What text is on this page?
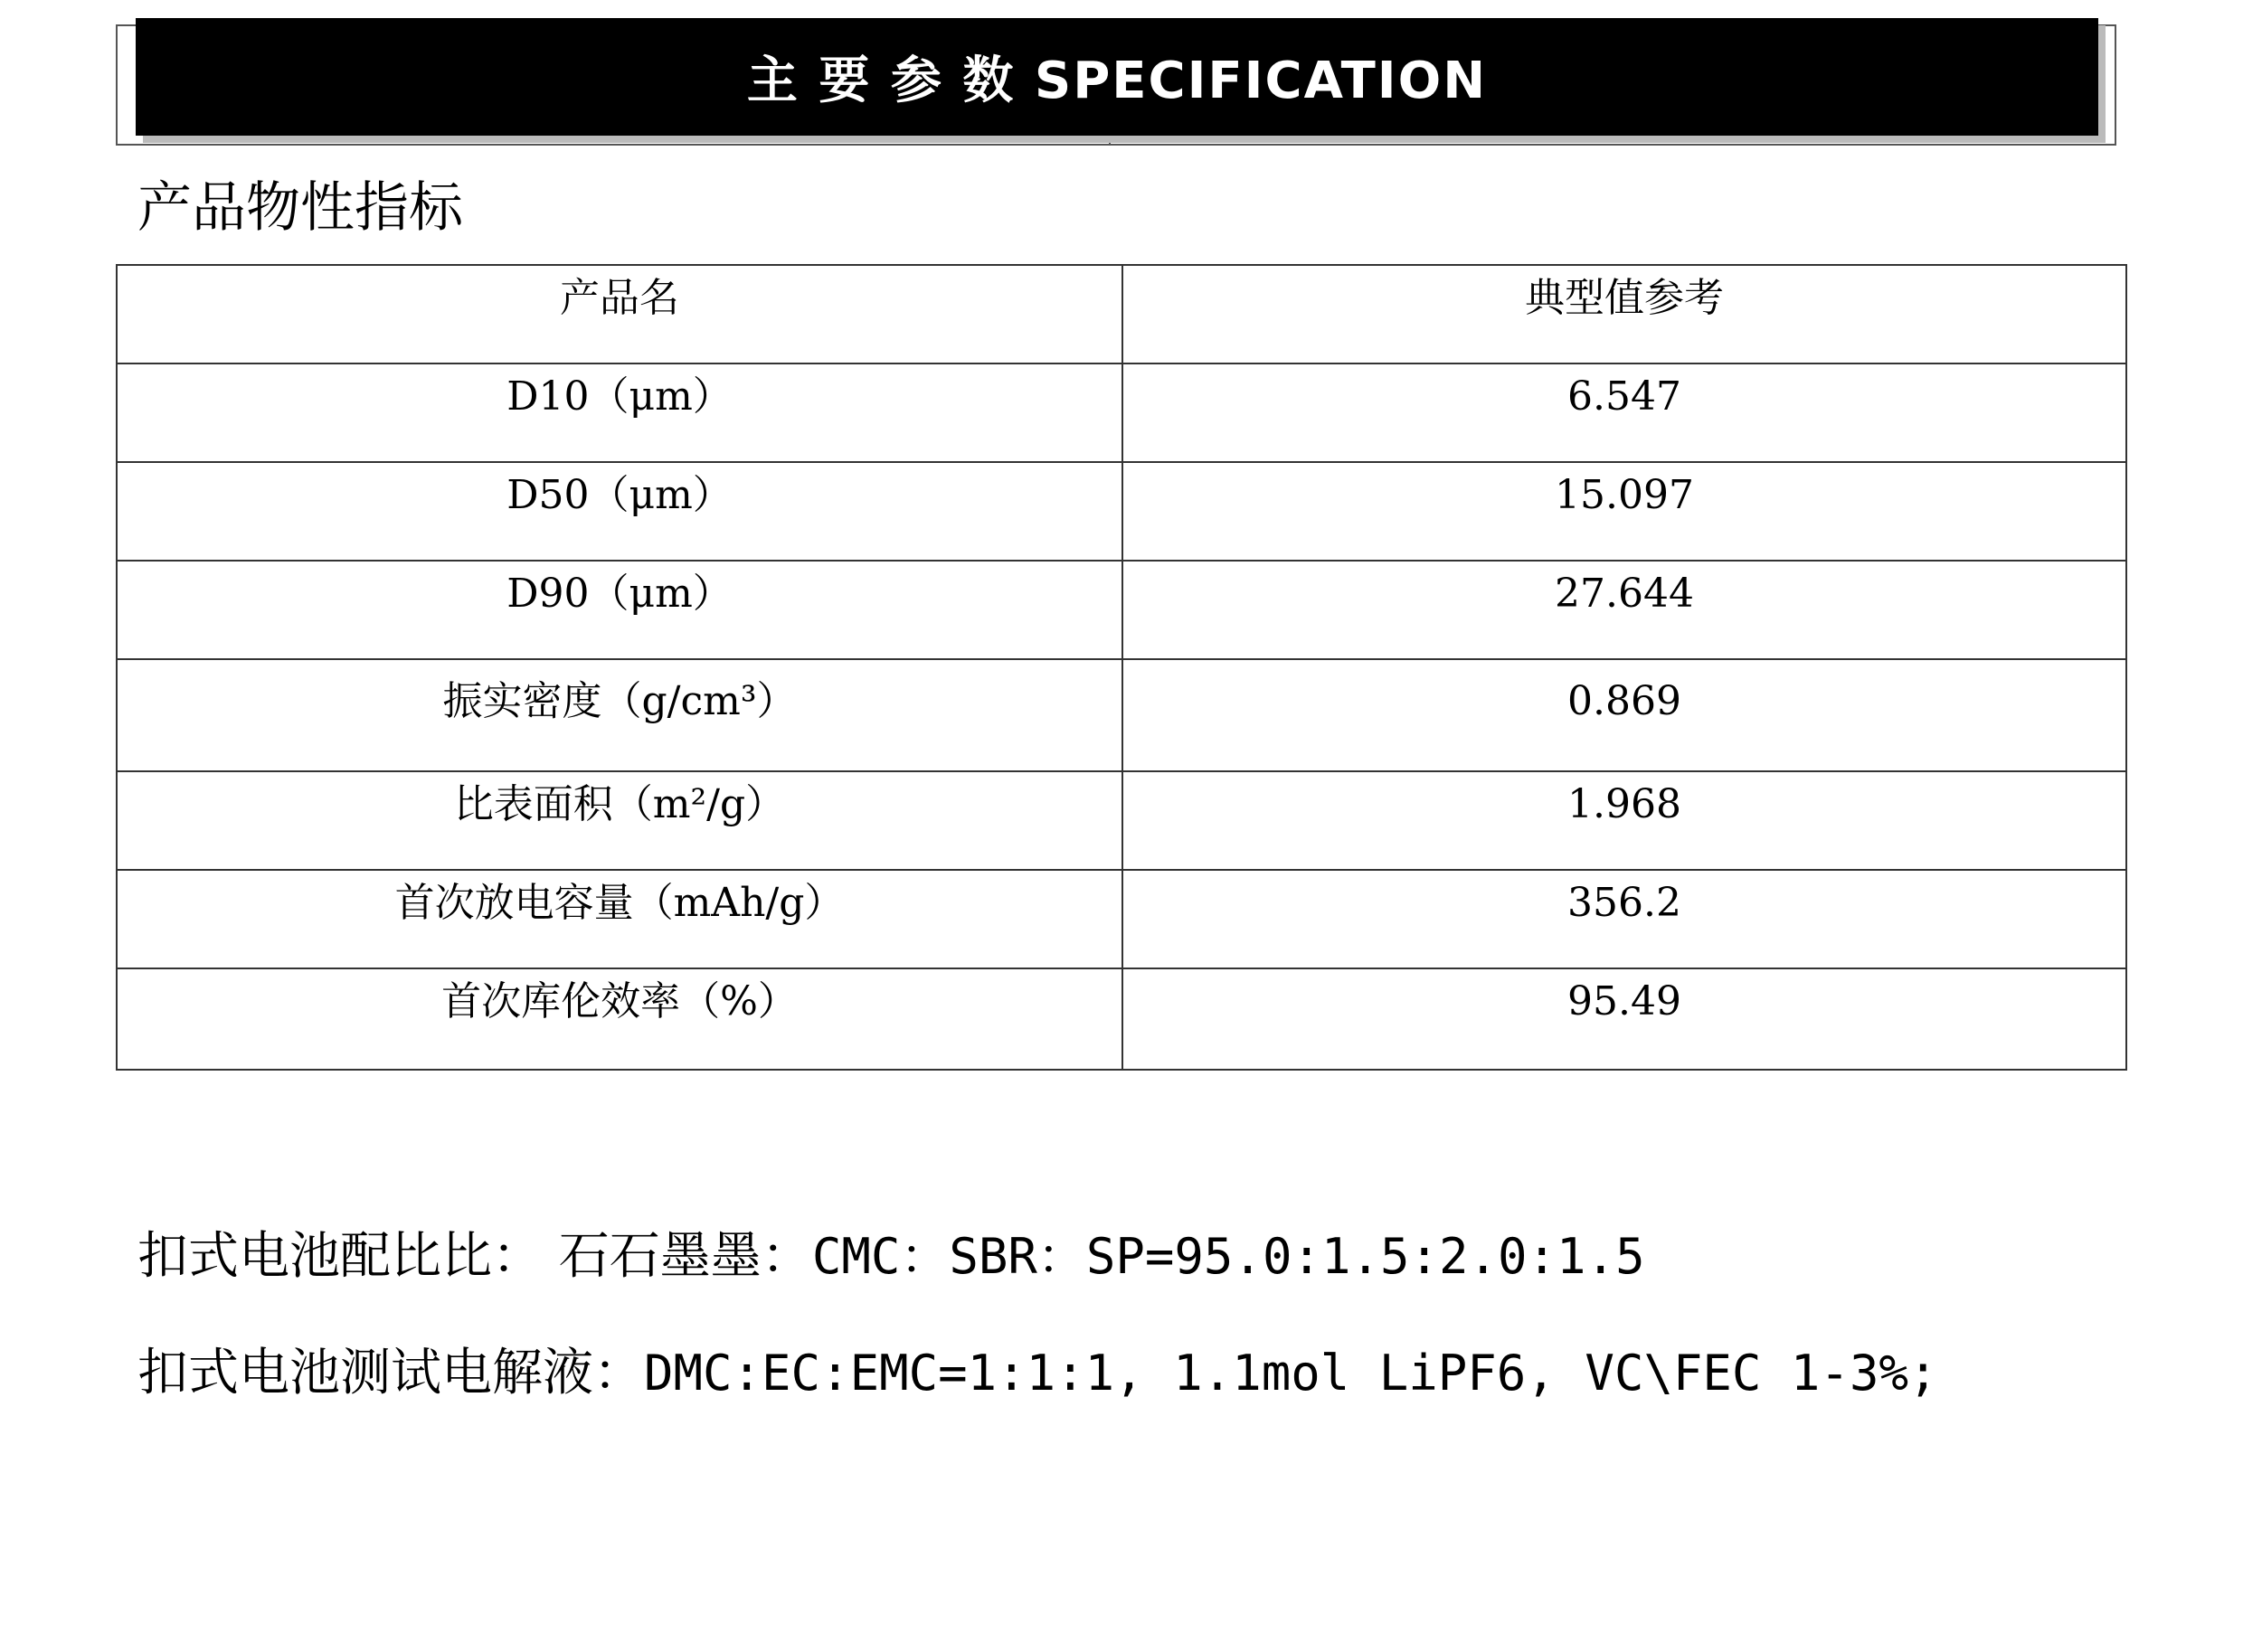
主 要 参 数 SPECIFICATION
产品物性指标
产品名	典型值参考
D10（μm）	6.547
D50（μm）	15.097
D90（μm）	27.644
振实密度（g/cm³）	0.869
比表面积（m²/g）	1.968
首次放电容量（mAh/g）	356.2
首次库伦效率（%）	95.49
扣式电池配比比： 石石墨墨：CMC：SBR：SP=95.0:1.5:2.0:1.5
扣式电池测试电解液：DMC:EC:EMC=1:1:1, 1.1mol LiPF6, VC\FEC 1-3%;
